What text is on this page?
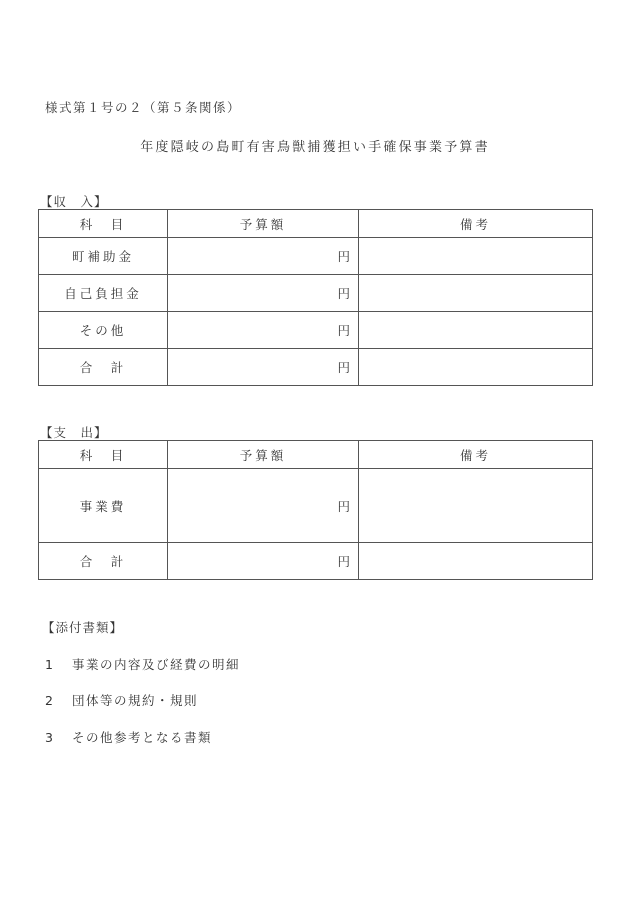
様式第１号の２（第５条関係）
年度隠岐の島町有害鳥獣捕獲担い手確保事業予算書
【収　入】
科　目	予算額	備考
町補助金	円	
自己負担金	円	
その他	円	
合　計	円	
【支　出】
科　目	予算額	備考
事業費	円	
合　計	円	
【添付書類】
1 事業の内容及び経費の明細
2 団体等の規約・規則
3 その他参考となる書類
